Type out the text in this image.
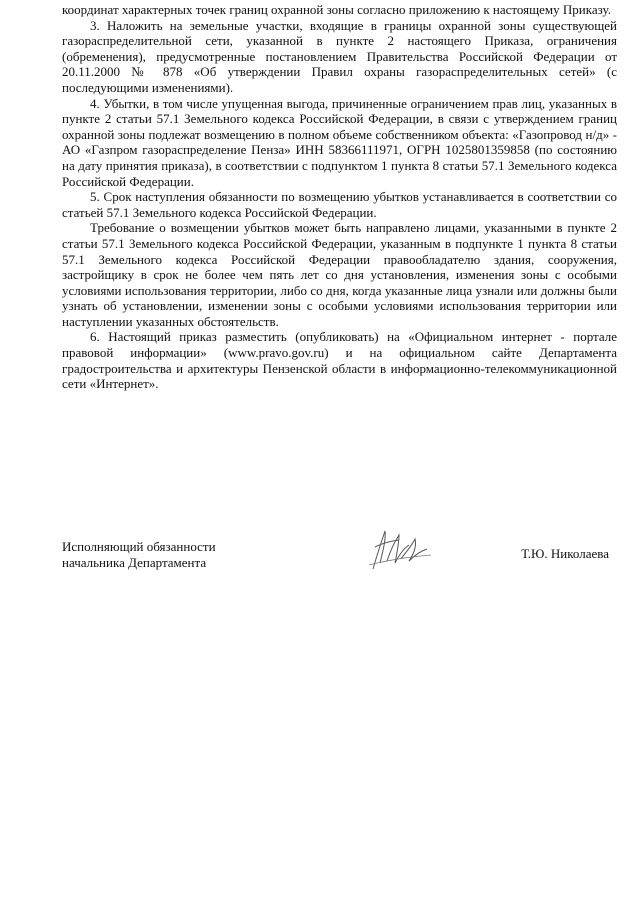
координат характерных точек границ охранной зоны согласно приложению к настоящему Приказу.

3. Наложить на земельные участки, входящие в границы охранной зоны существующей газораспределительной сети, указанной в пункте 2 настоящего Приказа, ограничения (обременения), предусмотренные постановлением Правительства Российской Федерации от 20.11.2000 № 878 «Об утверждении Правил охраны газораспределительных сетей» (с последующими изменениями).

4. Убытки, в том числе упущенная выгода, причиненные ограничением прав лиц, указанных в пункте 2 статьи 57.1 Земельного кодекса Российской Федерации, в связи с утверждением границ охранной зоны подлежат возмещению в полном объеме собственником объекта: «Газопровод н/д» - АО «Газпром газораспределение Пенза» ИНН 58366111971, ОГРН 1025801359858 (по состоянию на дату принятия приказа), в соответствии с подпунктом 1 пункта 8 статьи 57.1 Земельного кодекса Российской Федерации.

5. Срок наступления обязанности по возмещению убытков устанавливается в соответствии со статьей 57.1 Земельного кодекса Российской Федерации.

Требование о возмещении убытков может быть направлено лицами, указанными в пункте 2 статьи 57.1 Земельного кодекса Российской Федерации, указанным в подпункте 1 пункта 8 статьи 57.1 Земельного кодекса Российской Федерации правообладателю здания, сооружения, застройщику в срок не более чем пять лет со дня установления, изменения зоны с особыми условиями использования территории, либо со дня, когда указанные лица узнали или должны были узнать об установлении, изменении зоны с особыми условиями использования территории или наступлении указанных обстоятельств.

6. Настоящий приказ разместить (опубликовать) на «Официальном интернет - портале правовой информации» (www.pravo.gov.ru) и на официальном сайте Департамента градостроительства и архитектуры Пензенской области в информационно-телекоммуникационной сети «Интернет».

Исполняющий обязанности
начальника Департамента
Т.Ю. Николаева
